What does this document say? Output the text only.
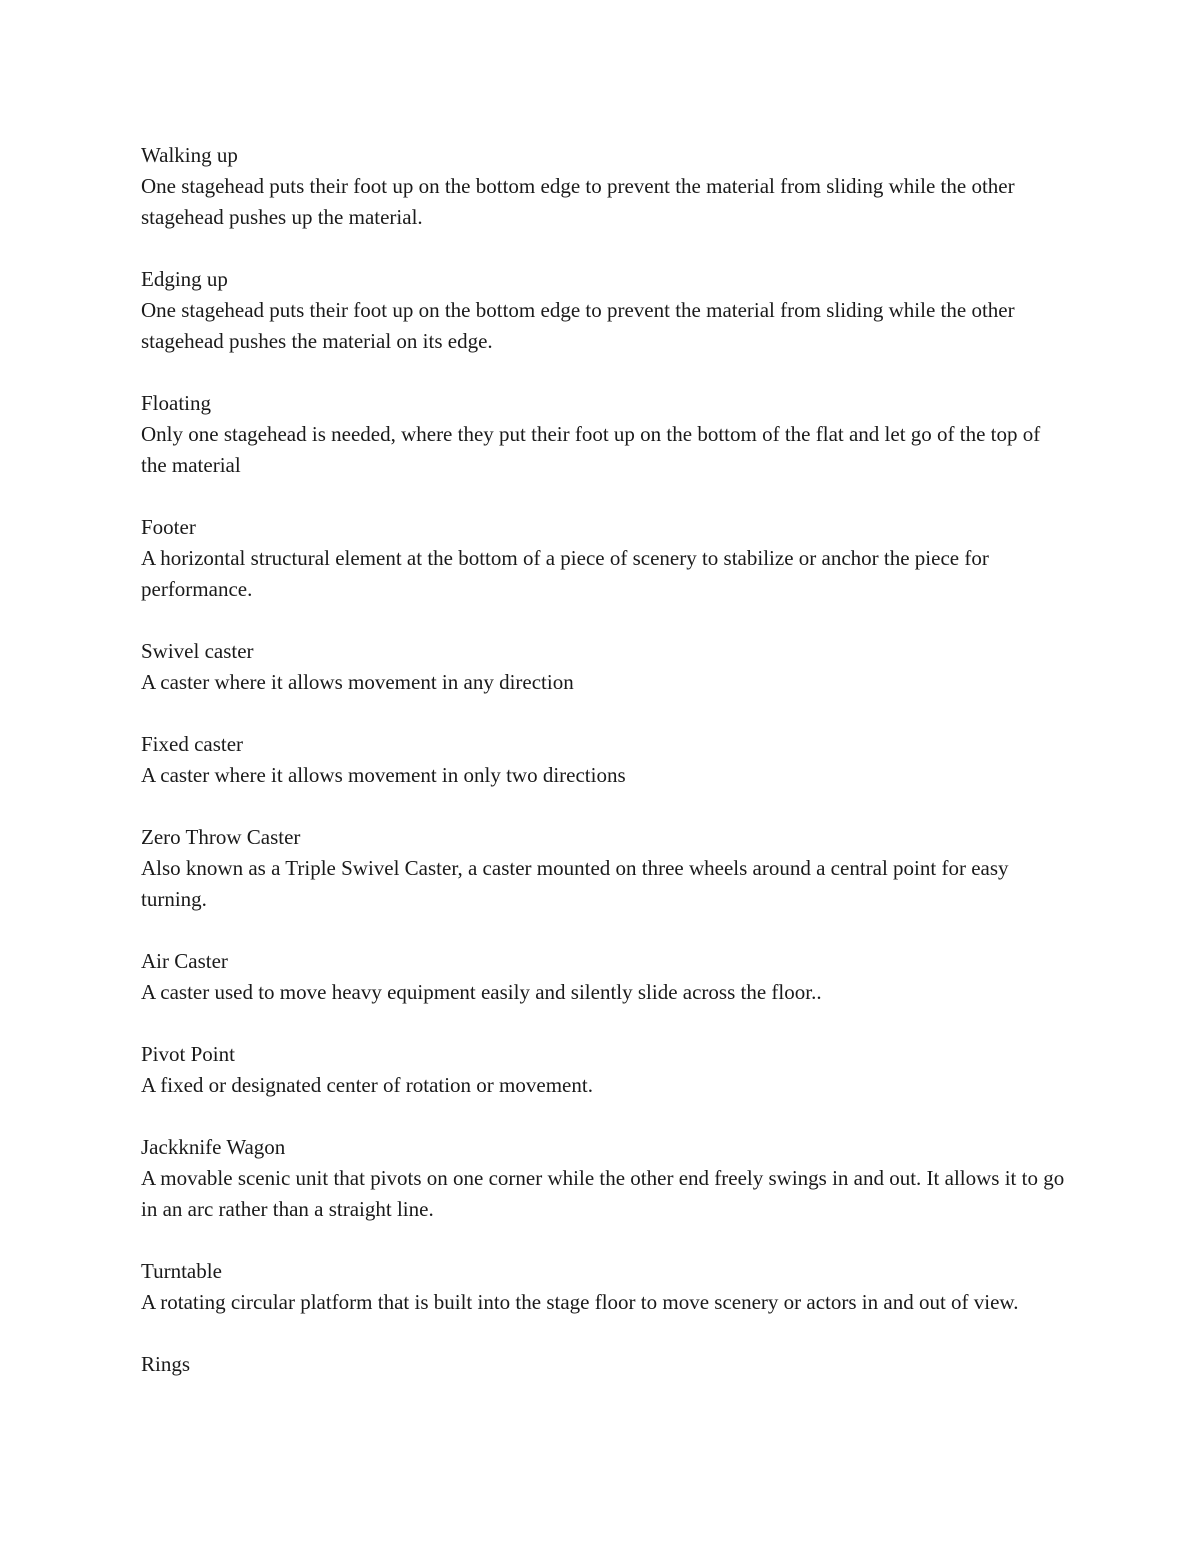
Walking up
One stagehead puts their foot up on the bottom edge to prevent the material from sliding while the other stagehead pushes up the material.
Edging up
One stagehead puts their foot up on the bottom edge to prevent the material from sliding while the other stagehead pushes the material on its edge.
Floating
Only one stagehead is needed, where they put their foot up on the bottom of the flat and let go of the top of the material
Footer
A horizontal structural element at the bottom of a piece of scenery to stabilize or anchor the piece for performance.
Swivel caster
A caster where it allows movement in any direction
Fixed caster
A caster where it allows movement in only two directions
Zero Throw Caster
Also known as a Triple Swivel Caster, a caster mounted on three wheels around a central point for easy turning.
Air Caster
A caster used to move heavy equipment easily and silently slide across the floor..
Pivot Point
A fixed or designated center of rotation or movement.
Jackknife Wagon
A movable scenic unit that pivots on one corner while the other end freely swings in and out. It allows it to go in an arc rather than a straight line.
Turntable
A rotating circular platform that is built into the stage floor to move scenery or actors in and out of view.
Rings
